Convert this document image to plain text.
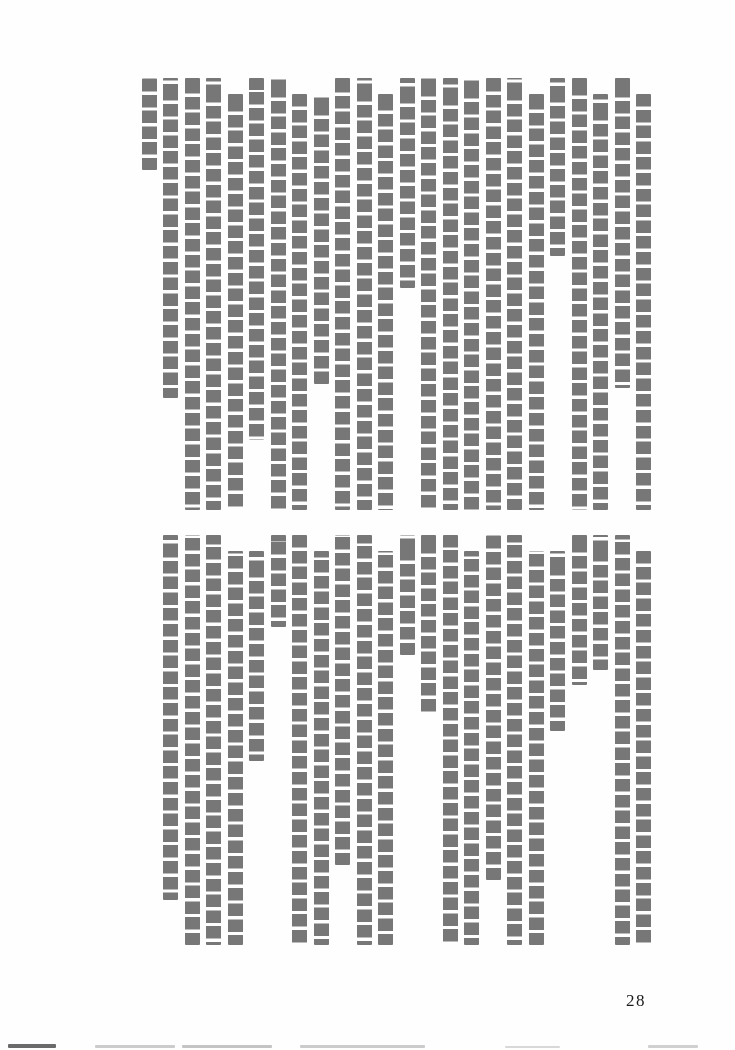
28
